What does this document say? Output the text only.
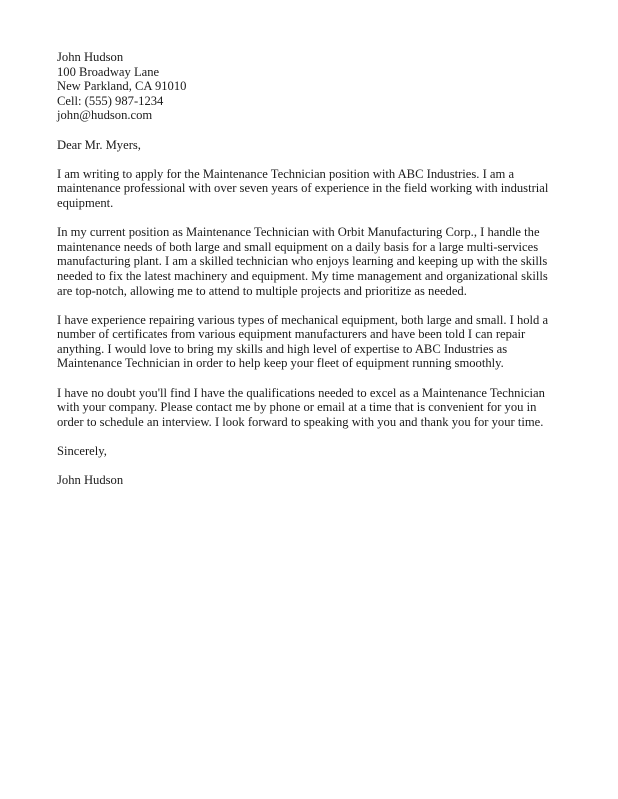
John Hudson
100 Broadway Lane
New Parkland, CA 91010
Cell: (555) 987-1234
john@hudson.com
Dear Mr. Myers,
I am writing to apply for the Maintenance Technician position with ABC Industries. I am a maintenance professional with over seven years of experience in the field working with industrial equipment.
In my current position as Maintenance Technician with Orbit Manufacturing Corp., I handle the maintenance needs of both large and small equipment on a daily basis for a large multi-services manufacturing plant. I am a skilled technician who enjoys learning and keeping up with the skills needed to fix the latest machinery and equipment. My time management and organizational skills are top-notch, allowing me to attend to multiple projects and prioritize as needed.
I have experience repairing various types of mechanical equipment, both large and small. I hold a number of certificates from various equipment manufacturers and have been told I can repair anything. I would love to bring my skills and high level of expertise to ABC Industries as Maintenance Technician in order to help keep your fleet of equipment running smoothly.
I have no doubt you'll find I have the qualifications needed to excel as a Maintenance Technician with your company. Please contact me by phone or email at a time that is convenient for you in order to schedule an interview. I look forward to speaking with you and thank you for your time.
Sincerely,
John Hudson
